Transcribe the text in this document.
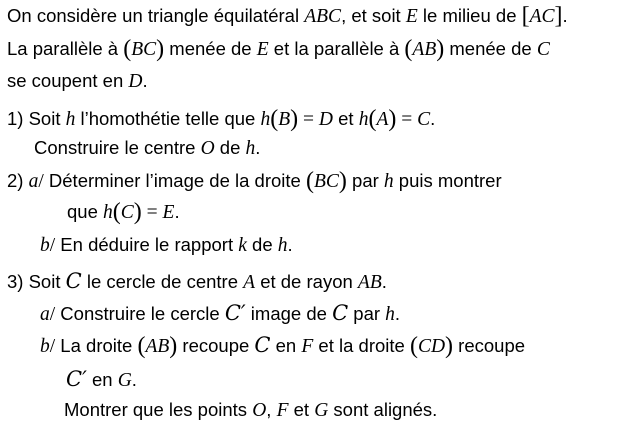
On considère un triangle équilatéral ABC, et soit E le milieu de [AC].
La parallèle à (BC) menée de E et la parallèle à (AB) menée de C
se coupent en D.
1) Soit h l’homothétie telle que h(B) = D et h(A) = C.
Construire le centre O de h.
2) a/ Déterminer l’image de la droite (BC) par h puis montrer
que h(C) = E.
b/ En déduire le rapport k de h.
3) Soit C le cercle de centre A et de rayon AB.
a/ Construire le cercle C′ image de C par h.
b/ La droite (AB) recoupe C en F et la droite (CD) recoupe
C′ en G.
Montrer que les points O, F et G sont alignés.
